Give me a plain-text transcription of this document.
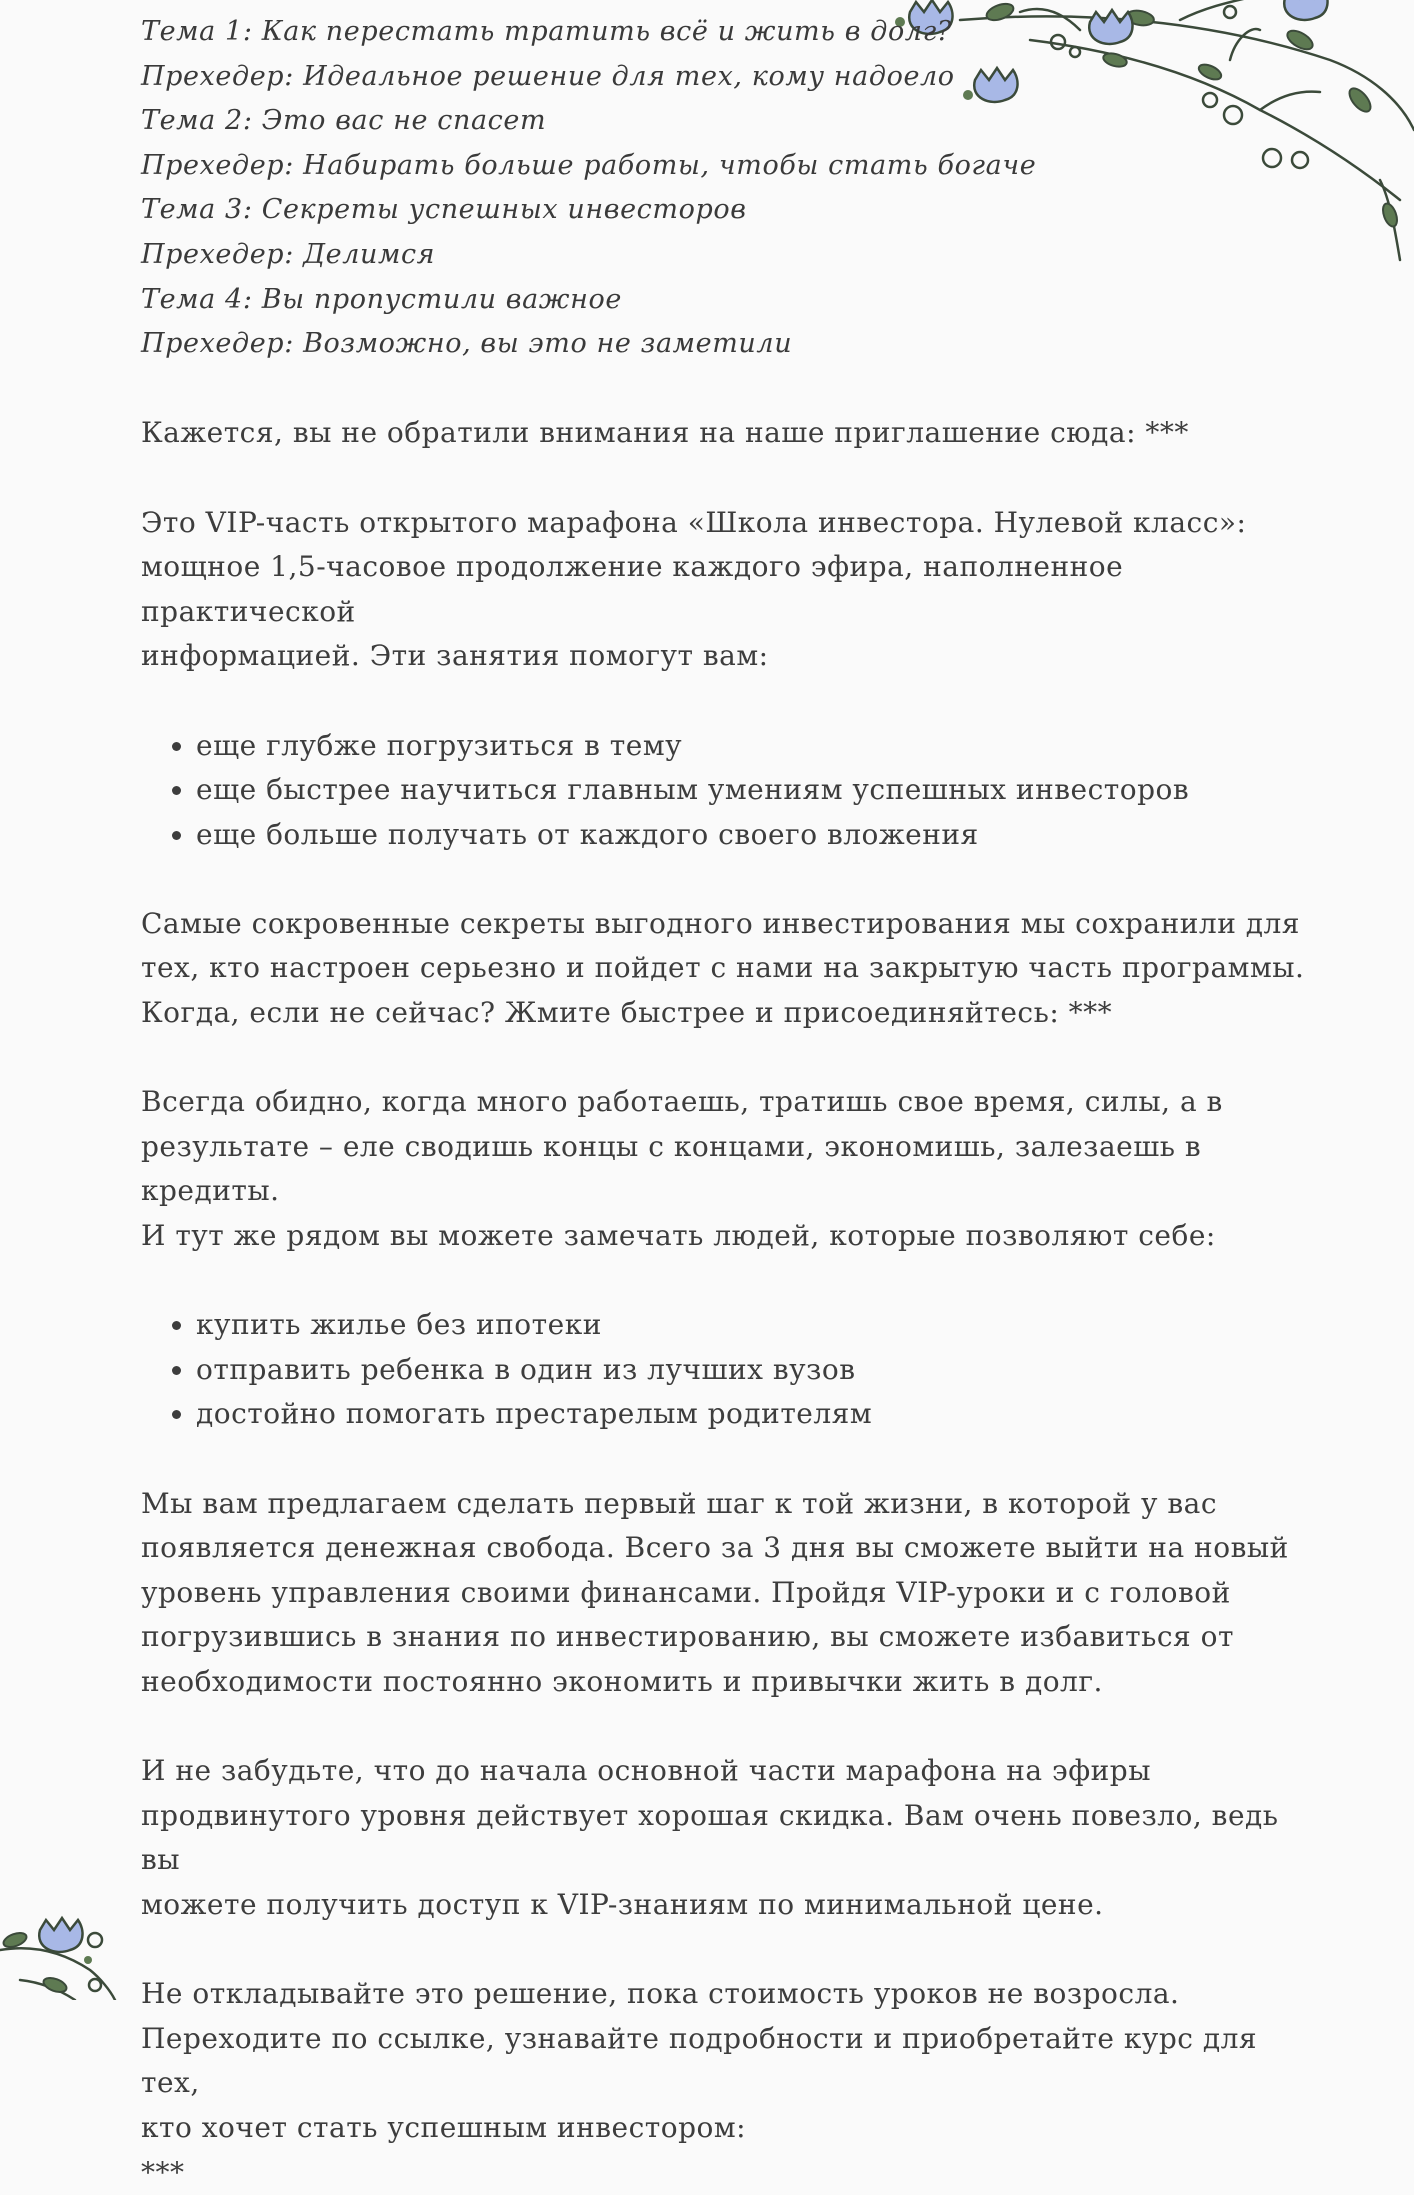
Тема 1: Как перестать тратить всё и жить в долг?
Прехедер: Идеальное решение для тех, кому надоело
Тема 2: Это вас не спасет
Прехедер: Набирать больше работы, чтобы стать богаче
Тема 3: Секреты успешных инвесторов
Прехедер: Делимся
Тема 4: Вы пропустили важное
Прехедер: Возможно, вы это не заметили

Кажется, вы не обратили внимания на наше приглашение сюда: ***

Это VIP-часть открытого марафона «Школа инвестора. Нулевой класс»:
мощное 1,5-часовое продолжение каждого эфира, наполненное практической
информацией. Эти занятия помогут вам:

• еще глубже погрузиться в тему
• еще быстрее научиться главным умениям успешных инвесторов
• еще больше получать от каждого своего вложения

Самые сокровенные секреты выгодного инвестирования мы сохранили для
тех, кто настроен серьезно и пойдет с нами на закрытую часть программы.
Когда, если не сейчас? Жмите быстрее и присоединяйтесь: ***

Всегда обидно, когда много работаешь, тратишь свое время, силы, а в
результате – еле сводишь концы с концами, экономишь, залезаешь в кредиты.
И тут же рядом вы можете замечать людей, которые позволяют себе:

• купить жилье без ипотеки
• отправить ребенка в один из лучших вузов
• достойно помогать престарелым родителям

Мы вам предлагаем сделать первый шаг к той жизни, в которой у вас
появляется денежная свобода. Всего за 3 дня вы сможете выйти на новый
уровень управления своими финансами. Пройдя VIP-уроки и с головой
погрузившись в знания по инвестированию, вы сможете избавиться от
необходимости постоянно экономить и привычки жить в долг.

И не забудьте, что до начала основной части марафона на эфиры
продвинутого уровня действует хорошая скидка. Вам очень повезло, ведь вы
можете получить доступ к VIP-знаниям по минимальной цене.

Не откладывайте это решение, пока стоимость уроков не возросла.
Переходите по ссылке, узнавайте подробности и приобретайте курс для тех,
кто хочет стать успешным инвестором:
***
